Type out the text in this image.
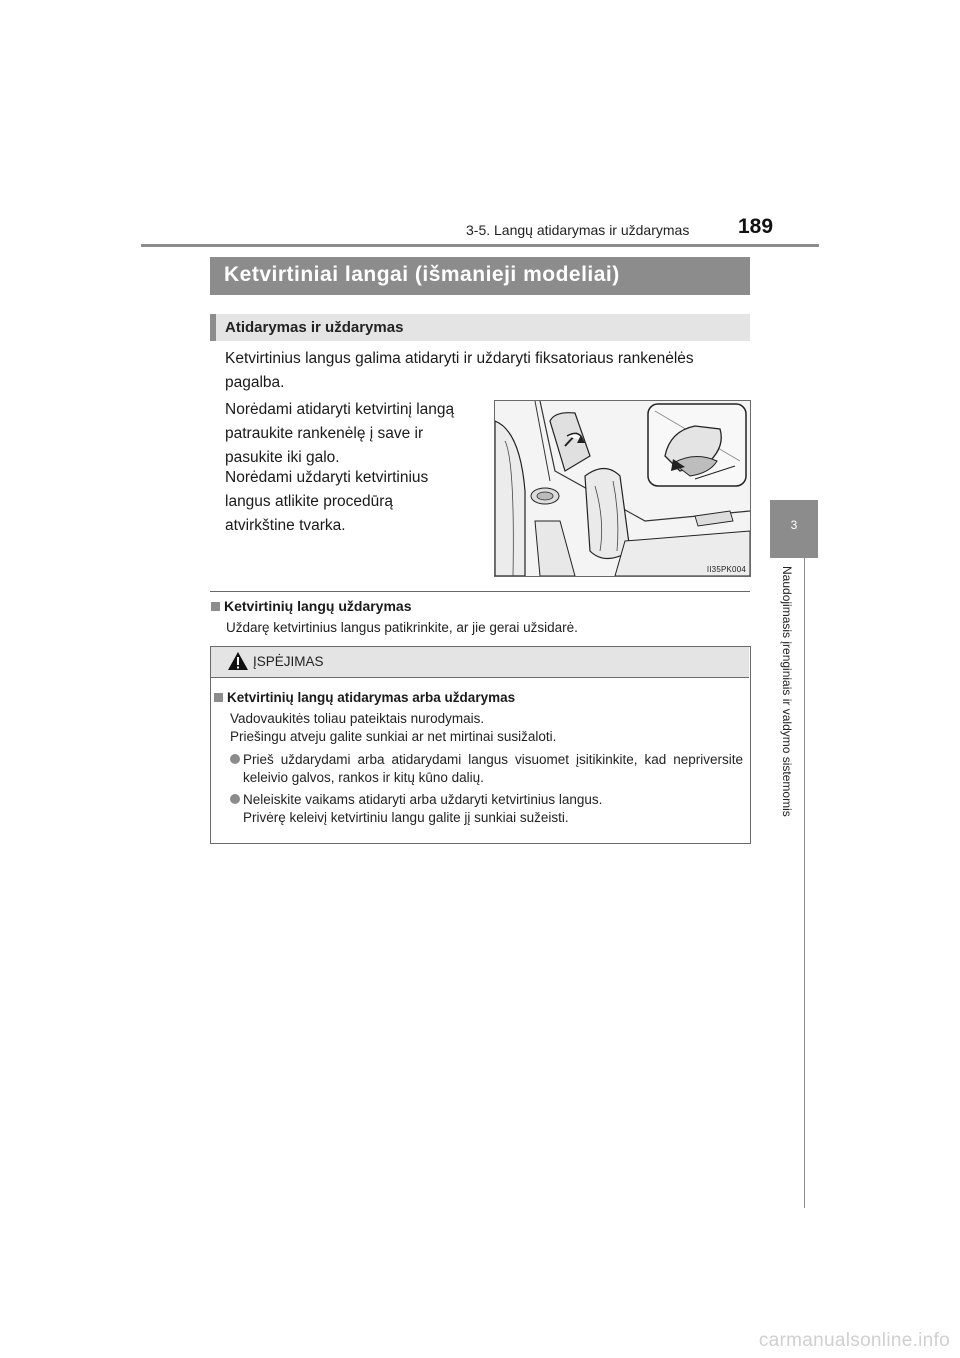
3-5. Langų atidarymas ir uždarymas 189
3
Naudojimasis įrenginiais ir valdymo sistemomis
Ketvirtiniai langai (išmanieji modeliai)
Atidarymas ir uždarymas
Ketvirtinius langus galima atidaryti ir uždaryti fiksatoriaus rankenėlės
pagalba.
Norėdami atidaryti ketvirtinį langą
patraukite rankenėlę į save ir
pasukite iki galo.
Norėdami uždaryti ketvirtinius
langus atlikite procedūrą
atvirkštine tvarka.
II35PK004
Ketvirtinių langų uždarymas
Uždarę ketvirtinius langus patikrinkite, ar jie gerai užsidarė.
ĮSPĖJIMAS
Ketvirtinių langų atidarymas arba uždarymas
Vadovaukitės toliau pateiktais nurodymais.
Priešingu atveju galite sunkiai ar net mirtinai susižaloti.
Prieš uždarydami arba atidarydami langus visuomet įsitikinkite, kad nepriversite keleivio galvos, rankos ir kitų kūno dalių.
Neleiskite vaikams atidaryti arba uždaryti ketvirtinius langus.
Privėrę keleivį ketvirtiniu langu galite jį sunkiai sužeisti.
carmanualsonline.info
